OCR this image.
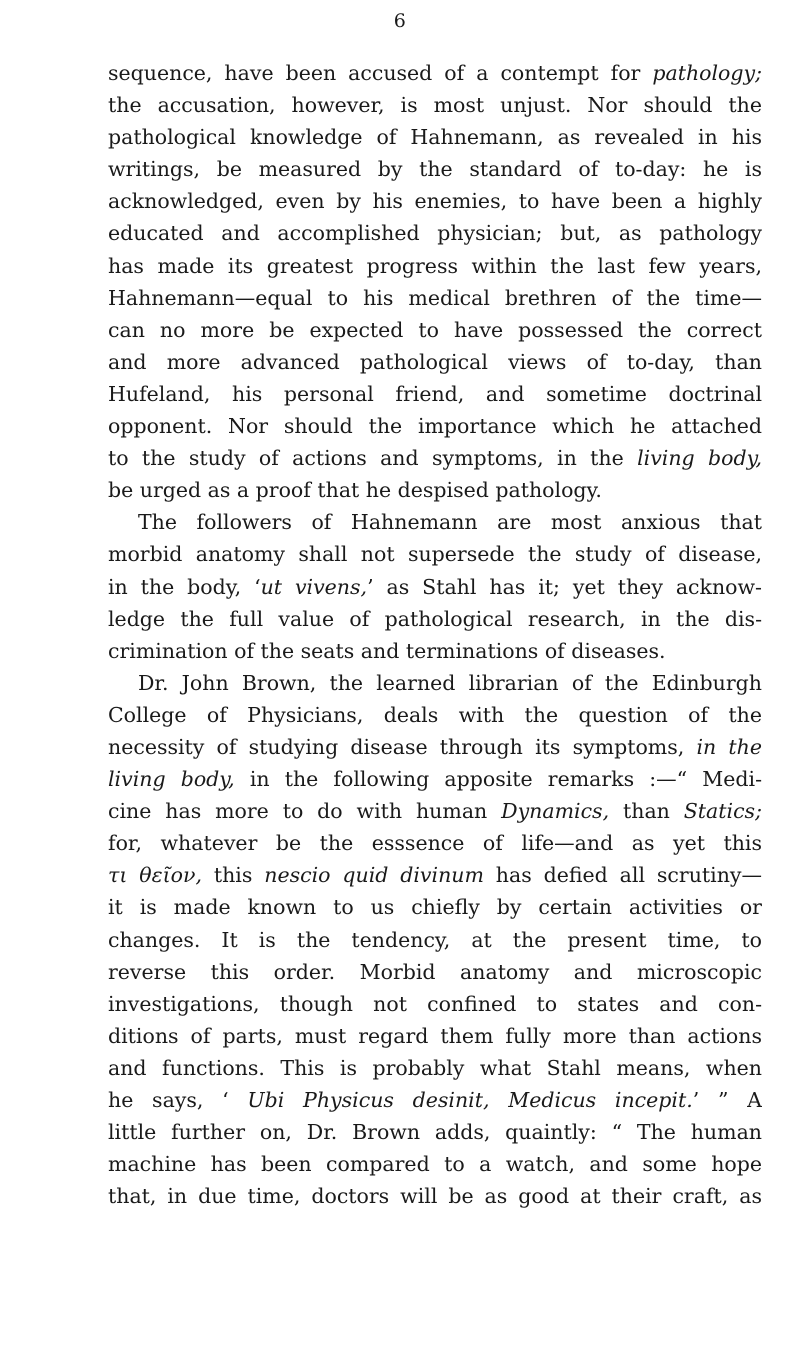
6
sequence, have been accused of a contempt for pathology;
the accusation, however, is most unjust. Nor should the
pathological knowledge of Hahnemann, as revealed in his
writings, be measured by the standard of to-day: he is
acknowledged, even by his enemies, to have been a highly
educated and accomplished physician; but, as pathology
has made its greatest progress within the last few years,
Hahnemann—equal to his medical brethren of the time—
can no more be expected to have possessed the correct
and more advanced pathological views of to-day, than
Hufeland, his personal friend, and sometime doctrinal
opponent. Nor should the importance which he attached
to the study of actions and symptoms, in the living body,
be urged as a proof that he despised pathology.
The followers of Hahnemann are most anxious that
morbid anatomy shall not supersede the study of disease,
in the body, ‘ut vivens,’ as Stahl has it; yet they acknow-
ledge the full value of pathological research, in the dis-
crimination of the seats and terminations of diseases.
Dr. John Brown, the learned librarian of the Edinburgh
College of Physicians, deals with the question of the
necessity of studying disease through its symptoms, in the
living body, in the following apposite remarks :—“ Medi-
cine has more to do with human Dynamics, than Statics;
for, whatever be the esssence of life—and as yet this
τι θεῖον, this nescio quid divinum has defied all scrutiny—
it is made known to us chiefly by certain activities or
changes. It is the tendency, at the present time, to
reverse this order. Morbid anatomy and microscopic
investigations, though not confined to states and con-
ditions of parts, must regard them fully more than actions
and functions. This is probably what Stahl means, when
he says, ‘ Ubi Physicus desinit, Medicus incepit.’ ” A
little further on, Dr. Brown adds, quaintly: “ The human
machine has been compared to a watch, and some hope
that, in due time, doctors will be as good at their craft, as
